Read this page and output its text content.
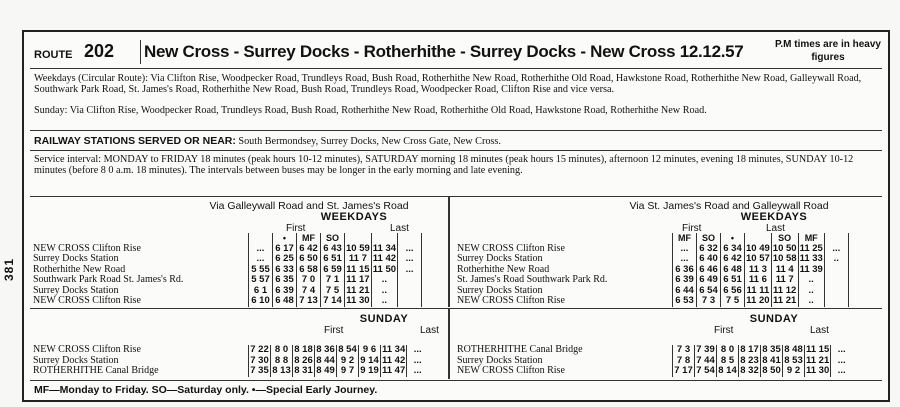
381
ROUTE 202 New Cross - Surrey Docks - Rotherhithe - Surrey Docks - New Cross 12.12.57	P.M times are in heavy figures
Weekdays (Circular Route): Via Clifton Rise, Woodpecker Road, Trundleys Road, Bush Road, Rotherhithe New Road, Rotherhithe Old Road, Hawkstone Road, Rotherhithe New Road, Galleywall Road, Southwark Park Road, St. James's Road, Rotherhithe New Road, Bush Road, Trundleys Road, Woodpecker Road, Clifton Rise and vice versa.
Sunday: Via Clifton Rise, Woodpecker Road, Trundleys Road, Bush Road, Rotherhithe New Road, Rotherhithe Old Road, Hawkstone Road, Rotherhithe New Road.
RAILWAY STATIONS SERVED OR NEAR: South Bermondsey, Surrey Docks, New Cross Gate, New Cross.
Service interval: MONDAY to FRIDAY 18 minutes (peak hours 10-12 minutes), SATURDAY morning 18 minutes (peak hours 15 minutes), afternoon 12 minutes, evening 18 minutes, SUNDAY 10-12 minutes (before 8 0 a.m. 18 minutes). The intervals between buses may be longer in the early morning and late evening.
Via Galleywall Road and St. James's Road
WEEKDAYS
First	Last
		•	MF	SO				
NEW CROSS Clifton Rise	...	6 17	6 42	6 43	10 59	11 34	...	
Surrey Docks Station	...	6 25	6 50	6 51	11 7	11 42	...	
Rotherhithe New Road	5 55	6 33	6 58	6 59	11 15	11 50	...	
Southwark Park Road St. James's Rd.	5 57	6 35	7 0	7 1	11 17	..		
Surrey Docks Station	6 1	6 39	7 4	7 5	11 21	..		
NEW CROSS Clifton Rise	6 10	6 48	7 13	7 14	11 30	..		
Via St. James's Road and Galleywall Road
WEEKDAYS
First	Last
	MF	SO	•		SO	MF		
NEW CROSS Clifton Rise	...	6 32	6 34	10 49	10 50	11 25	...	
Surrey Docks Station	...	6 40	6 42	10 57	10 58	11 33	..	
Rotherhithe New Road	6 36	6 46	6 48	11 3	11 4	11 39		
St. James's Road Southwark Park Rd.	6 39	6 49	6 51	11 6	11 7	..		
Surrey Docks Station	6 44	6 54	6 56	11 11	11 12	..		
NEW CROSS Clifton Rise	6 53	7 3	7 5	11 20	11 21	..		
SUNDAY
First	Last
NEW CROSS Clifton Rise	7 22	8 0	8 18	8 36	8 54	9 6	11 34	...
Surrey Docks Station	7 30	8 8	8 26	8 44	9 2	9 14	11 42	...
ROTHERHITHE Canal Bridge	7 35	8 13	8 31	8 49	9 7	9 19	11 47	...
SUNDAY
First	Last
ROTHERHITHE Canal Bridge	7 3	7 39	8 0	8 17	8 35	8 48	11 15	...
Surrey Docks Station	7 8	7 44	8 5	8 23	8 41	8 53	11 21	...
NEW CROSS Clifton Rise	7 17	7 54	8 14	8 32	8 50	9 2	11 30	...
MF—Monday to Friday. SO—Saturday only. •—Special Early Journey.
